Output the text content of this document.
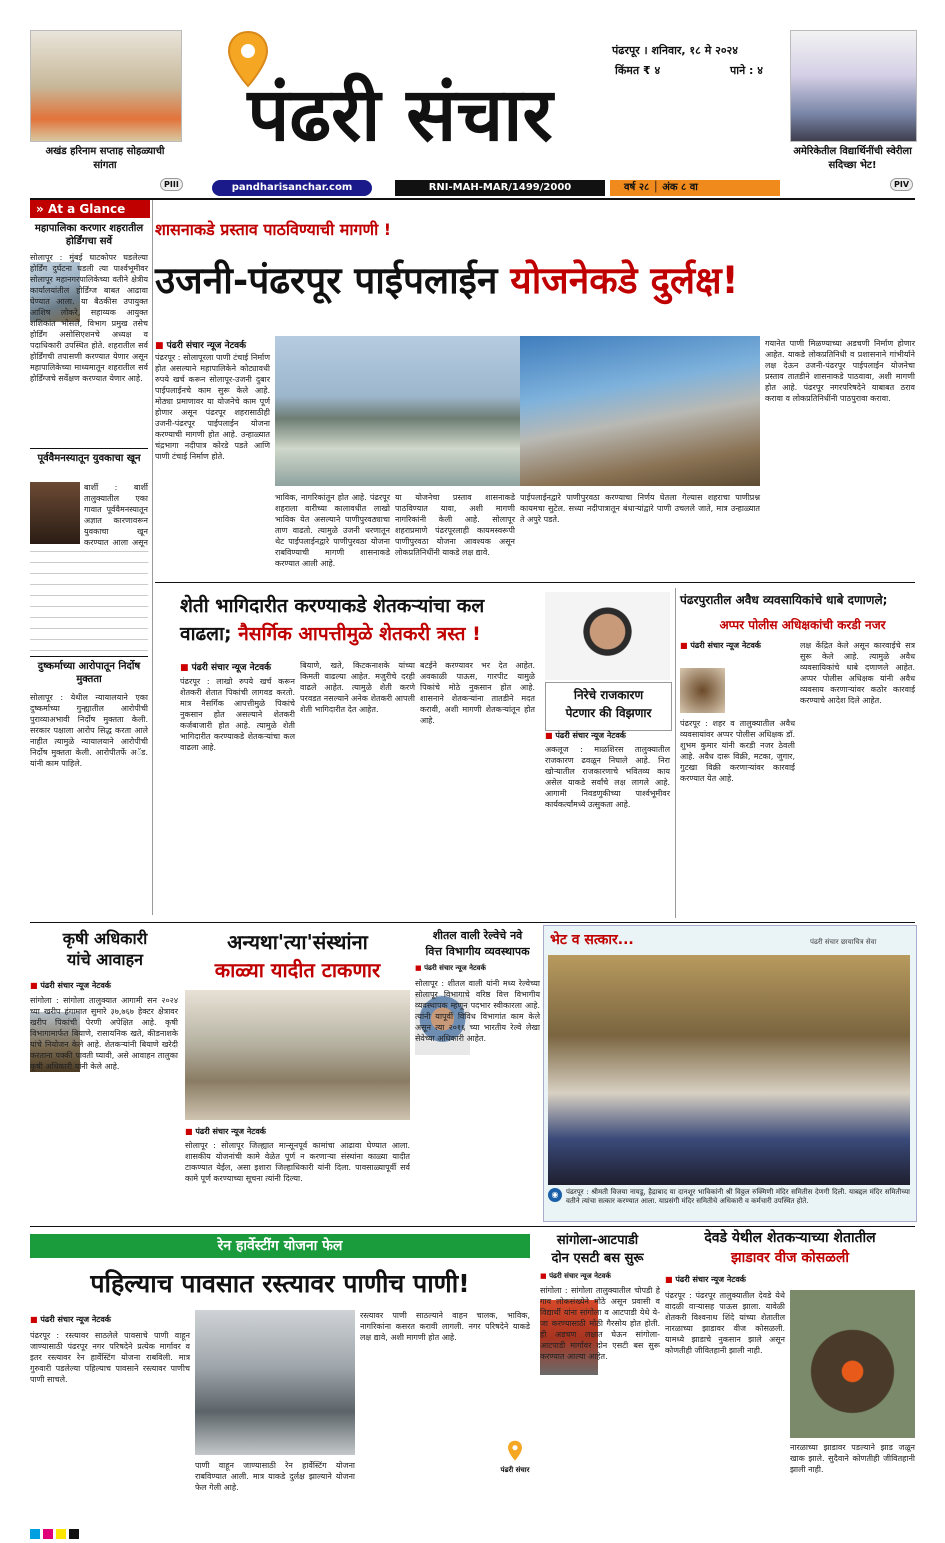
अखंड हरिनाम सप्ताह सोहळ्याची सांगता
PIII
पंढरी संचार
पंढरपूर । शनिवार, १८ मे २०२४
किंमत ₹ ४	पाने : ४
अमेरिकेतील विद्यार्थिनींची स्वेरीला सदिच्छा भेट!
PIV
pandharisanchar.com	RNI-MAH-MAR/1499/2000	वर्ष २८ │ अंक ८ वा
» At a Glance
महापालिका करणार शहरातील होर्डिंगचा सर्वे
सोलापूर : मुंबई घाटकोपर घडलेल्या होर्डिंग दुर्घटना घडली त्या पार्श्वभूमीवर सोलापूर महानगरपालिकेच्या वतीने क्षेत्रीय कार्यालयांतील होर्डिंग्ज बाबत आढावा घेण्यात आला. या बैठकीस उपायुक्त आशिष लोकरे, सहाय्यक आयुक्त शशिकांत भोसले, विभाग प्रमुख तसेच होर्डिंग असोसिएशनचे अध्यक्ष व पदाधिकारी उपस्थित होते. शहरातील सर्व होर्डिंगची तपासणी करण्यात येणार असून महापालिकेच्या माध्यमातून शहरातील सर्व होर्डिंग्जचे सर्वेक्षण करण्यात येणार आहे.
पूर्ववैमनस्यातून युवकाचा खून
बार्शी : बार्शी तालुक्यातील एका गावात पूर्ववैमनस्यातून अज्ञात कारणावरून युवकाचा खून करण्यात आला असून
दुष्कर्माच्या आरोपातून निर्दोष मुक्तता
सोलापूर : येथील न्यायालयाने एका दुष्कर्माच्या गुन्ह्यातील आरोपीची पुराव्याअभावी निर्दोष मुक्तता केली. सरकार पक्षाला आरोप सिद्ध करता आले नाहीत त्यामुळे न्यायालयाने आरोपीची निर्दोष मुक्तता केली. आरोपीतर्फे अॅड. यांनी काम पाहिले.
शासनाकडे प्रस्ताव पाठविण्याची मागणी !
उजनी-पंढरपूर पाईपलाईन योजनेकडे दुर्लक्ष!
■ पंढरी संचार न्यूज नेटवर्क
पंढरपूर : सोलापूरला पाणी टंचाई निर्माण होत असल्याने महापालिकेने कोट्यावधी रुपये खर्च करून सोलापूर-उजनी दुबार पाईपलाईनचे काम सुरू केले आहे. मोठ्या प्रमाणावर या योजनेचे काम पूर्ण होणार असून पंढरपूर शहरासाठीही उजनी-पंढरपूर पाईपलाईन योजना करण्याची मागणी होत आहे. उन्हाळ्यात चंद्रभागा नदीपात्र कोरडे पडते आणि पाणी टंचाई निर्माण होते.
भाविक, नागरिकांतून होत आहे. पंढरपूर शहराला वारीच्या कालावधीत लाखो भाविक येत असल्याने पाणीपुरवठ्याचा ताण वाढतो. त्यामुळे उजनी धरणातून थेट पाईपलाईनद्वारे पाणीपुरवठा योजना राबविण्याची मागणी शासनाकडे करण्यात आली आहे.
या योजनेचा प्रस्ताव शासनाकडे पाठविण्यात यावा, अशी मागणी नागरिकांनी केली आहे. सोलापूर शहराप्रमाणे पंढरपूरलाही कायमस्वरूपी पाणीपुरवठा योजना आवश्यक असून लोकप्रतिनिधींनी याकडे लक्ष द्यावे.
पाईपलाईनद्वारे पाणीपुरवठा करण्याचा निर्णय घेतला गेल्यास शहराचा पाणीप्रश्न कायमचा सुटेल. सध्या नदीपात्रातून बंधाऱ्यांद्वारे पाणी उचलले जाते, मात्र उन्हाळ्यात ते अपुरे पडते.
गयानेत पाणी मिळण्याच्या अडचणी निर्माण होणार आहेत. याकडे लोकप्रतिनिधी व प्रशासनाने गांभीर्याने लक्ष देऊन उजनी-पंढरपूर पाईपलाईन योजनेचा प्रस्ताव तातडीने शासनाकडे पाठवावा, अशी मागणी होत आहे. पंढरपूर नगरपरिषदेने याबाबत ठराव करावा व लोकप्रतिनिधींनी पाठपुरावा करावा.
शेती भागिदारीत करण्याकडे शेतकऱ्यांचा कल
वाढला; नैसर्गिक आपत्तीमुळे शेतकरी त्रस्त !
■ पंढरी संचार न्यूज नेटवर्क
पंढरपूर : लाखो रुपये खर्च करून शेतकरी शेतात पिकांची लागवड करतो. मात्र नैसर्गिक आपत्तीमुळे पिकांचे नुकसान होत असल्याने शेतकरी कर्जबाजारी होत आहे. त्यामुळे शेती भागिदारीत करण्याकडे शेतकऱ्यांचा कल वाढला आहे.
बियाणे, खते, किटकनाशके यांच्या किमती वाढल्या आहेत. मजुरीचे दरही वाढले आहेत. त्यामुळे शेती करणे परवडत नसल्याने अनेक शेतकरी आपली शेती भागिदारीत देत आहेत.
बटईने करण्यावर भर देत आहेत. अवकाळी पाऊस, गारपीट यामुळे पिकांचे मोठे नुकसान होत आहे. शासनाने शेतकऱ्यांना तातडीने मदत करावी, अशी मागणी शेतकऱ्यांतून होत आहे.
निरेचे राजकारण
पेटणार की विझणार
■ पंढरी संचार न्यूज नेटवर्क
अकलूज : माळशिरस तालुक्यातील राजकारण ढवळून निघाले आहे. निरा खोऱ्यातील राजकारणाचे भवितव्य काय असेल याकडे सर्वांचे लक्ष लागले आहे. आगामी निवडणुकीच्या पार्श्वभूमीवर कार्यकर्त्यांमध्ये उत्सुकता आहे.
पंढरपुरातील अवैध व्यवसायिकांचे धाबे दणाणले;
अप्पर पोलीस अधिक्षकांची करडी नजर
■ पंढरी संचार न्यूज नेटवर्क
पंढरपूर : शहर व तालुक्यातील अवैध व्यवसायांवर अप्पर पोलीस अधिक्षक डॉ. शुभम कुमार यांनी करडी नजर ठेवली आहे. अवैध दारू विक्री, मटका, जुगार, गुटखा विक्री करणाऱ्यांवर कारवाई करण्यात येत आहे.
लक्ष केंद्रित केले असून कारवाईचे सत्र सुरू केले आहे. त्यामुळे अवैध व्यवसायिकांचे धाबे दणाणले आहेत. अप्पर पोलीस अधिक्षक यांनी अवैध व्यवसाय करणाऱ्यांवर कठोर कारवाई करण्याचे आदेश दिले आहेत.
कृषी अधिकारी
यांचे आवाहन
■ पंढरी संचार न्यूज नेटवर्क
सांगोला : सांगोला तालुक्यात आगामी सन २०२४ च्या खरीप हंगामात सुमारे ३७,७६७ हेक्टर क्षेत्रावर खरीप पिकांची पेरणी अपेक्षित आहे. कृषी विभागामार्फत बियाणे, रासायनिक खते, कीडनाशके यांचे नियोजन केले आहे. शेतकऱ्यांनी बियाणे खरेदी करताना पक्की पावती घ्यावी, असे आवाहन तालुका कृषी अधिकारी यांनी केले आहे.
अन्यथा'त्या'संस्थांना
काळ्या यादीत टाकणार
■ पंढरी संचार न्यूज नेटवर्क
सोलापूर : सोलापूर जिल्ह्यात मान्सूनपूर्व कामांचा आढावा घेण्यात आला. शासकीय योजनांची कामे वेळेत पूर्ण न करणाऱ्या संस्थांना काळ्या यादीत टाकण्यात येईल, असा इशारा जिल्हाधिकारी यांनी दिला. पावसाळ्यापूर्वी सर्व कामे पूर्ण करण्याच्या सूचना त्यांनी दिल्या.
शीतल वाली रेल्वेचे नवे
वित्त विभागीय व्यवस्थापक
■ पंढरी संचार न्यूज नेटवर्क
सोलापूर : शीतल वाली यांनी मध्य रेल्वेच्या सोलापूर विभागाचे वरिष्ठ वित्त विभागीय व्यवस्थापक म्हणून पदभार स्वीकारला आहे. त्यांनी यापूर्वी विविध विभागांत काम केले असून त्या २०१६ च्या भारतीय रेल्वे लेखा सेवेच्या अधिकारी आहेत.
भेट व सत्कार...	पंढरी संचार छायाचित्र सेवा
◉	पंढरपूर : श्रीमती विजया नायडू, हैद्राबाद या दानशूर भाविकांनी श्री विठ्ठल रुक्मिणी मंदिर समितीस देणगी दिली. याबद्दल मंदिर समितीच्या वतीने त्यांचा सत्कार करण्यात आला. याप्रसंगी मंदिर समितीचे अधिकारी व कर्मचारी उपस्थित होते.
रेन हार्वेस्टींग योजना फेल
पहिल्याच पावसात रस्त्यावर पाणीच पाणी!
■ पंढरी संचार न्यूज नेटवर्क
पंढरपूर : रस्त्यावर साठलेले पावसाचे पाणी वाहून जाण्यासाठी पंढरपूर नगर परिषदेने प्रत्येक मार्गावर व इतर रस्त्यावर रेन हार्वेस्टिंग योजना राबविली. मात्र गुरुवारी पडलेल्या पहिल्याच पावसाने रस्त्यावर पाणीच पाणी साचले.
पाणी वाहून जाण्यासाठी रेन हार्वेस्टिंग योजना राबविण्यात आली. मात्र याकडे दुर्लक्ष झाल्याने योजना फेल गेली आहे.
रस्त्यावर पाणी साठल्याने वाहन चालक, भाविक, नागरिकांना कसरत करावी लागली. नगर परिषदेने याकडे लक्ष द्यावे, अशी मागणी होत आहे.
पंढरी संचार
सांगोला-आटपाडी
दोन एसटी बस सुरू
■ पंढरी संचार न्यूज नेटवर्क
सांगोला : सांगोला तालुक्यातील चोपडी हे गाव लोकसंख्येने मोठे असून प्रवासी व विद्यार्थी यांना सांगोला व आटपाडी येथे ये-जा करण्यासाठी मोठी गैरसोय होत होती. ही अडचण लक्षात घेऊन सांगोला-आटपाडी मार्गावर दोन एसटी बस सुरू करण्यात आल्या आहेत.
देवडे येथील शेतकऱ्याच्या शेतातील
झाडावर वीज कोसळली
■ पंढरी संचार न्यूज नेटवर्क
पंढरपूर : पंढरपूर तालुक्यातील देवडे येथे वादळी वाऱ्यासह पाऊस झाला. यावेळी शेतकरी विश्वनाथ शिंदे यांच्या शेतातील नारळाच्या झाडावर वीज कोसळली. यामध्ये झाडाचे नुकसान झाले असून कोणतीही जीवितहानी झाली नाही.
नारळाच्या झाडावर पडल्याने झाड जळून खाक झाले. सुदैवाने कोणतीही जीवितहानी झाली नाही.
